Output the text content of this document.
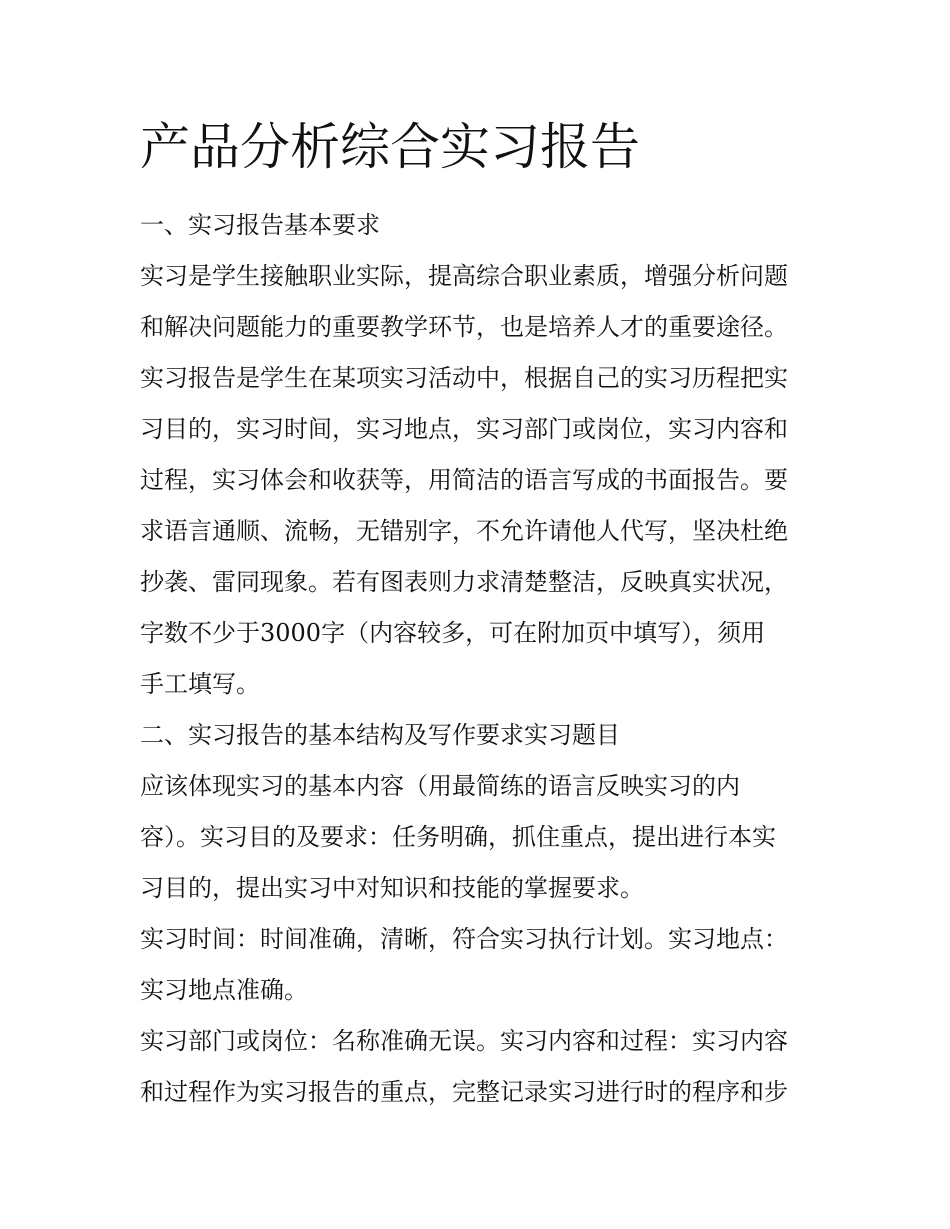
产品分析综合实习报告

一、实习报告基本要求

实习是学生接触职业实际，提高综合职业素质，增强分析问题

和解决问题能力的重要教学环节，也是培养人才的重要途径。

实习报告是学生在某项实习活动中，根据自己的实习历程把实

习目的，实习时间，实习地点，实习部门或岗位，实习内容和

过程，实习体会和收获等，用简洁的语言写成的书面报告。要

求语言通顺、流畅，无错别字，不允许请他人代写，坚决杜绝

抄袭、雷同现象。若有图表则力求清楚整洁，反映真实状况，

字数不少于3000字（内容较多，可在附加页中填写），须用

手工填写。

二、实习报告的基本结构及写作要求实习题目

应该体现实习的基本内容（用最简练的语言反映实习的内

容）。实习目的及要求：任务明确，抓住重点，提出进行本实

习目的，提出实习中对知识和技能的掌握要求。

实习时间：时间准确，清晰，符合实习执行计划。实习地点：

实习地点准确。

实习部门或岗位：名称准确无误。实习内容和过程：实习内容

和过程作为实习报告的重点，完整记录实习进行时的程序和步
